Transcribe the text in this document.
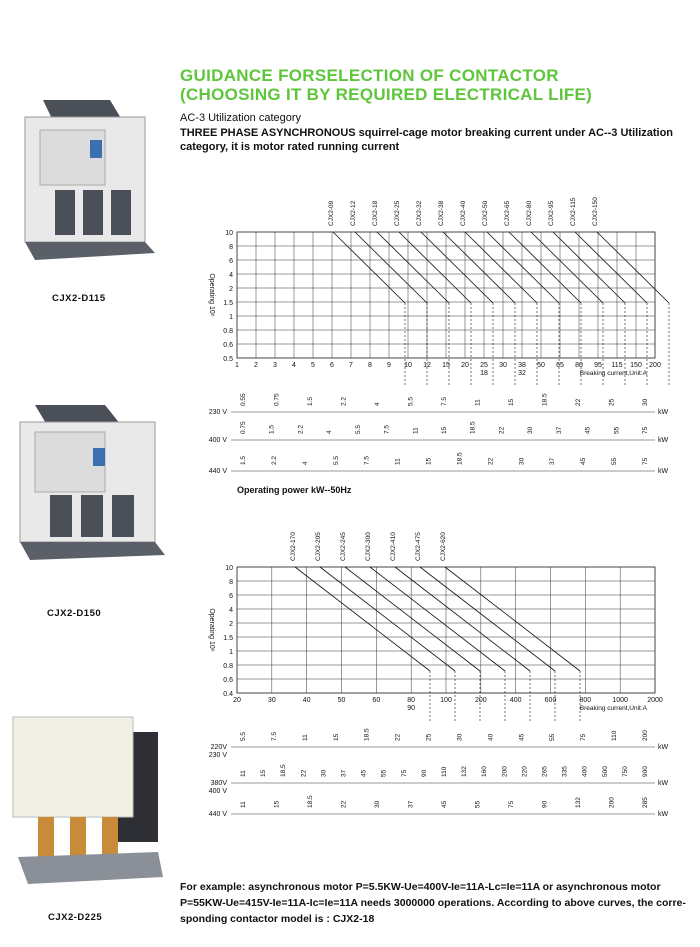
GUIDANCE FORSELECTION OF CONTACTOR
(CHOOSING IT BY REQUIRED ELECTRICAL LIFE)
AC-3 Utilization category
THREE PHASE ASYNCHRONOUS squirrel-cage motor breaking current under AC--3 Utilization category, it is motor rated running current
CJX2-D115
CJX2-D150
CJX2-D225
10
8
6
4
2
1.5
1
0.8
0.6
0.5
1 2 3 4 5 6 7 8 9 10 12 15 20 25 30 38 50 65 80 95 115 150 200
18	32
Operating 10⁶
Breaking current,Unit:A
CJX2-09 CJX2-12 CJX2-18 CJX2-25 CJX2-32 CJX2-38 CJX2-40 CJX2-50 CJX2-65 CJX2-80 CJX2-95 CJX2-115 CJX2-150
230 V	kW
0.55	0.75	1.5	2.2	4	5.5	7.5	11	15	18.5	22	25	30
400 V	kW
0.75	1.5	2.2	4	5.5	7.5	11	15	18.5	22	30	37	45	55	75
440 V	kW
1.5	2.2	4	5.5	7.5	11	15	18.5	22	30	37	45	55	75
Operating power kW--50Hz
10
8
6
4
2
1.5
1
0.8
0.6
0.4
20	30	40	50	60	80	100	200	400	600	800	1000	2000
90
Operating 10⁶
Breaking current,Unit:A
CJX2-170	CJX2-205	CJX2-245	CJX2-300	CJX2-410	CJX2-475	CJX2-620
220V
230 V
kW
5.5	7.5	11	15	18.5	22	25	30	40	45	55	75	110	200
380V
400 V
kW
11 15 18.5 22 30 37 45 55 75 90 110 132 160 200 220 265 335 400 500 750 900
440 V	kW
11	15	18.5	22	30	37	45	55	75	90	132	200	285
For example: asynchronous motor P=5.5KW-Ue=400V-Ie=11A-Lc=Ie=11A or asynchronous motor P=55KW-Ue=415V-Ie=11A-Ic=Ie=11A needs 3000000 operations. According to above curves, the corre-sponding contactor model is : CJX2-18
